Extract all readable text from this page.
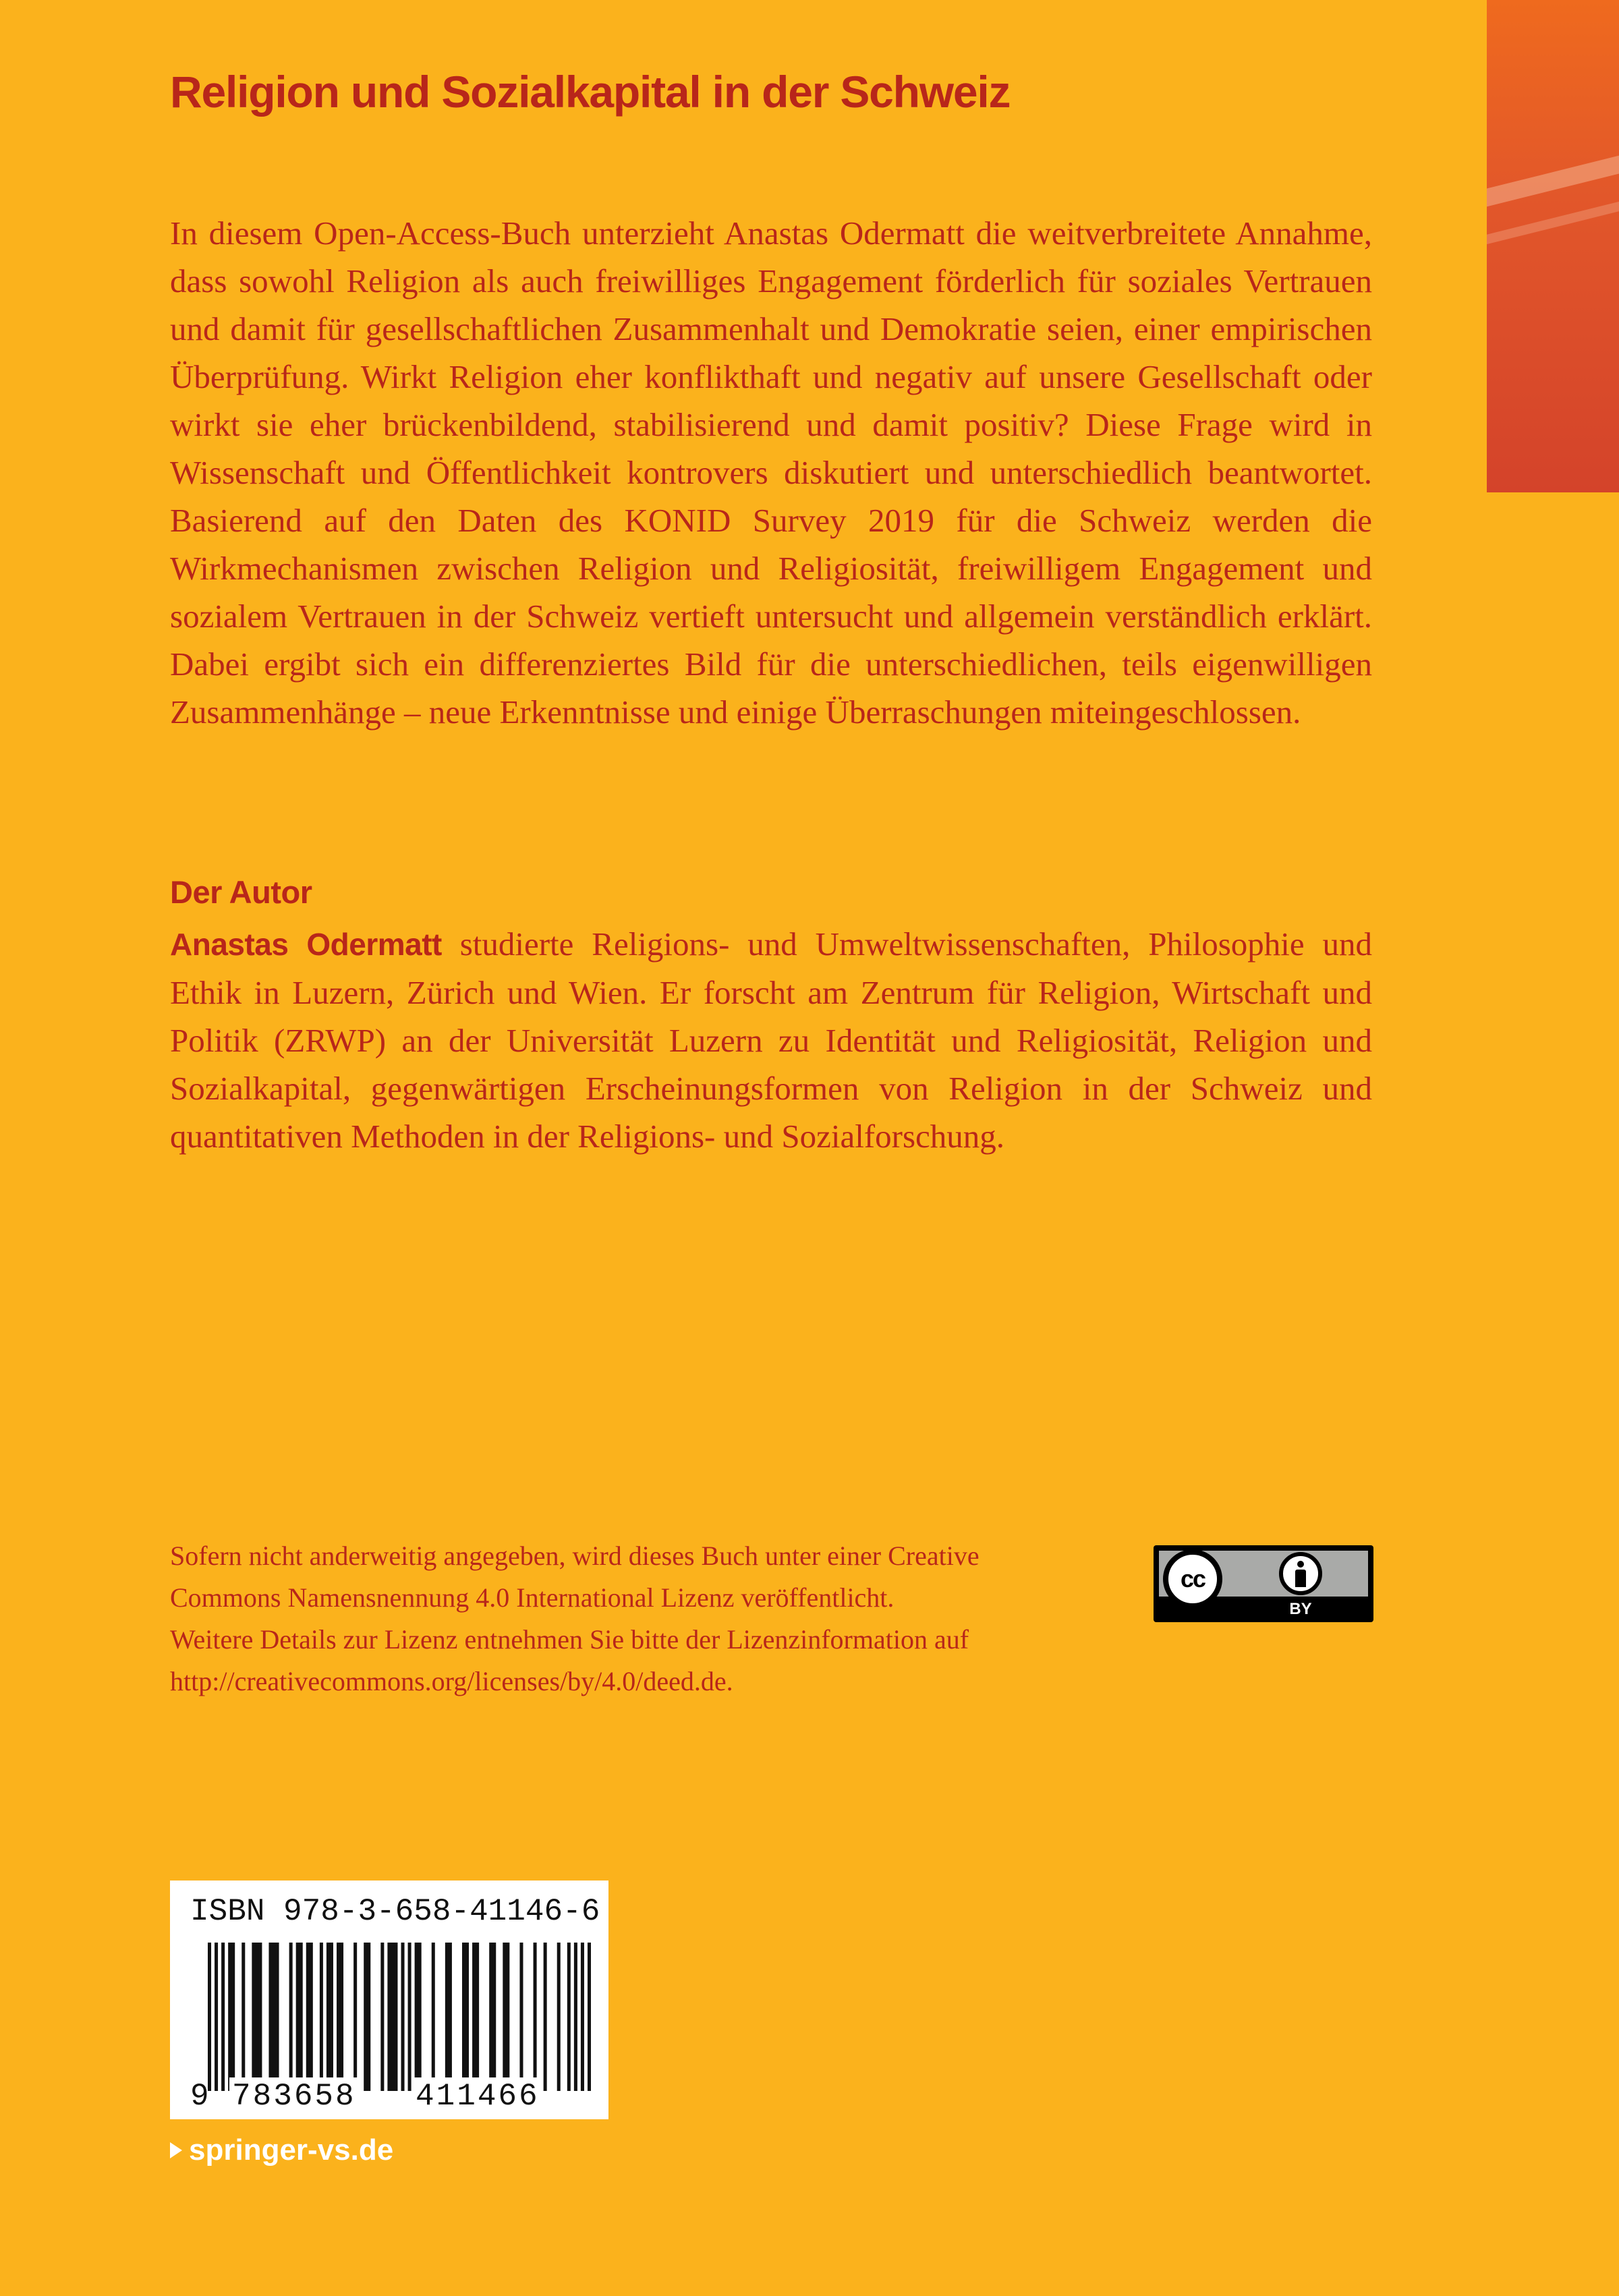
Religion und Sozialkapital in der Schweiz

In diesem Open-Access-Buch unterzieht Anastas Odermatt die weitverbreitete Annahme, dass sowohl Religion als auch freiwilliges Engagement förderlich für soziales Vertrauen und damit für gesellschaftlichen Zusammenhalt und Demokratie seien, einer empirischen Überprüfung. Wirkt Religion eher konflikthaft und negativ auf unsere Gesellschaft oder wirkt sie eher brückenbildend, stabilisierend und damit positiv? Diese Frage wird in Wissenschaft und Öffentlichkeit kontrovers diskutiert und unterschiedlich beantwortet. Basierend auf den Daten des KONID Survey 2019 für die Schweiz werden die Wirkmechanismen zwischen Religion und Religiosität, freiwilligem Engagement und sozialem Vertrauen in der Schweiz vertieft untersucht und allgemein verständlich erklärt. Dabei ergibt sich ein differenziertes Bild für die unterschiedlichen, teils eigenwilligen Zusammenhänge – neue Erkenntnisse und einige Überraschungen miteingeschlossen.

Der Autor

Anastas Odermatt studierte Religions- und Umweltwissenschaften, Philosophie und Ethik in Luzern, Zürich und Wien. Er forscht am Zentrum für Religion, Wirtschaft und Politik (ZRWP) an der Universität Luzern zu Identität und Religiosität, Religion und Sozialkapital, gegenwärtigen Erscheinungsformen von Religion in der Schweiz und quantitativen Methoden in der Religions- und Sozialforschung.

Sofern nicht anderweitig angegeben, wird dieses Buch unter einer Creative
Commons Namensnennung 4.0 International Lizenz veröffentlicht.
Weitere Details zur Lizenz entnehmen Sie bitte der Lizenzinformation auf
http://creativecommons.org/licenses/by/4.0/deed.de.

cc
BY

ISBN 978-3-658-41146-6

9 783658 411466
springer-vs.de
